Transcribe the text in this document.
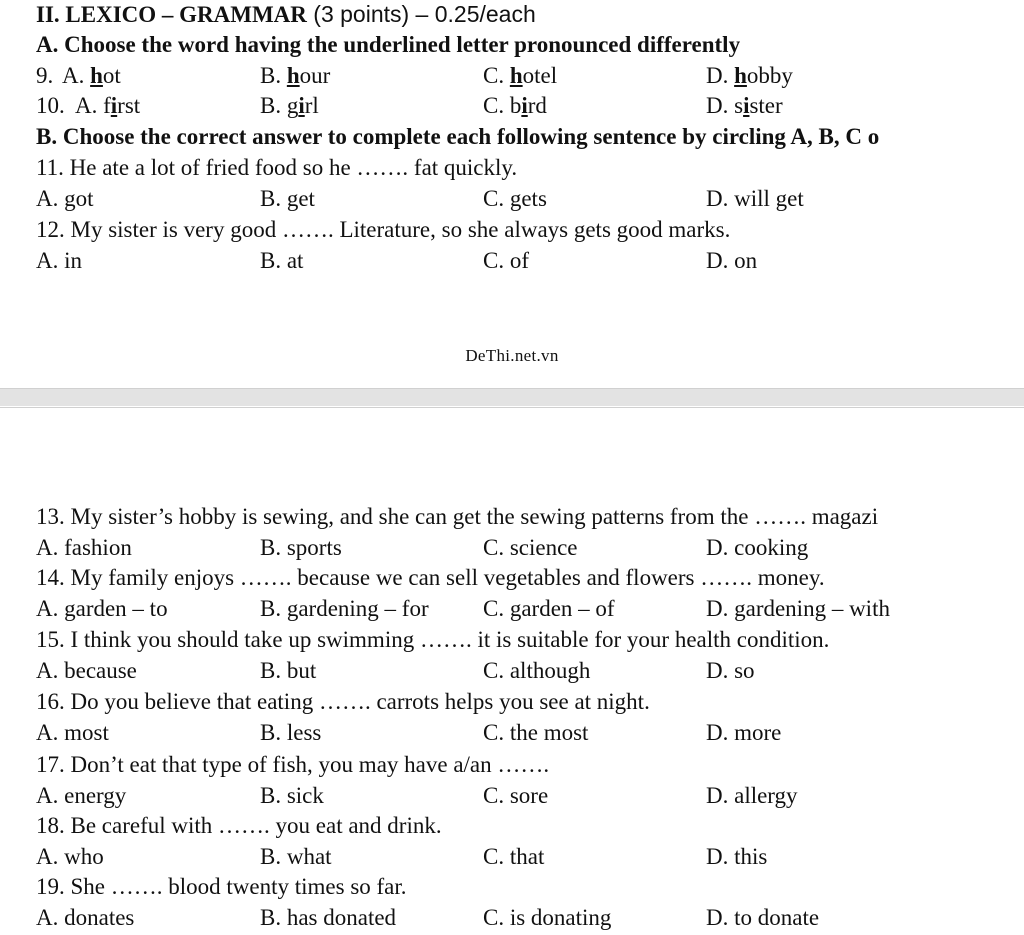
II. LEXICO – GRAMMAR (3 points) – 0.25/each
A. Choose the word having the underlined letter pronounced differently
9. A. hot	B. hour	C. hotel	D. hobby
10. A. first	B. girl	C. bird	D. sister
B. Choose the correct answer to complete each following sentence by circling A, B, C o
11. He ate a lot of fried food so he ……. fat quickly.
A. got	B. get	C. gets	D. will get
12. My sister is very good ……. Literature, so she always gets good marks.
A. in	B. at	C. of	D. on
DeThi.net.vn
13. My sister’s hobby is sewing, and she can get the sewing patterns from the ……. magazi
A. fashion	B. sports	C. science	D. cooking
14. My family enjoys ……. because we can sell vegetables and flowers ……. money.
A. garden – to	B. gardening – for C. garden – of	D. gardening – with
15. I think you should take up swimming ……. it is suitable for your health condition.
A. because	B. but	C. although	D. so
16. Do you believe that eating ……. carrots helps you see at night.
A. most	B. less	C. the most	D. more
17. Don’t eat that type of fish, you may have a/an …….
A. energy	B. sick	C. sore	D. allergy
18. Be careful with ……. you eat and drink.
A. who	B. what	C. that	D. this
19. She ……. blood twenty times so far.
A. donates	B. has donated	C. is donating	D. to donate
